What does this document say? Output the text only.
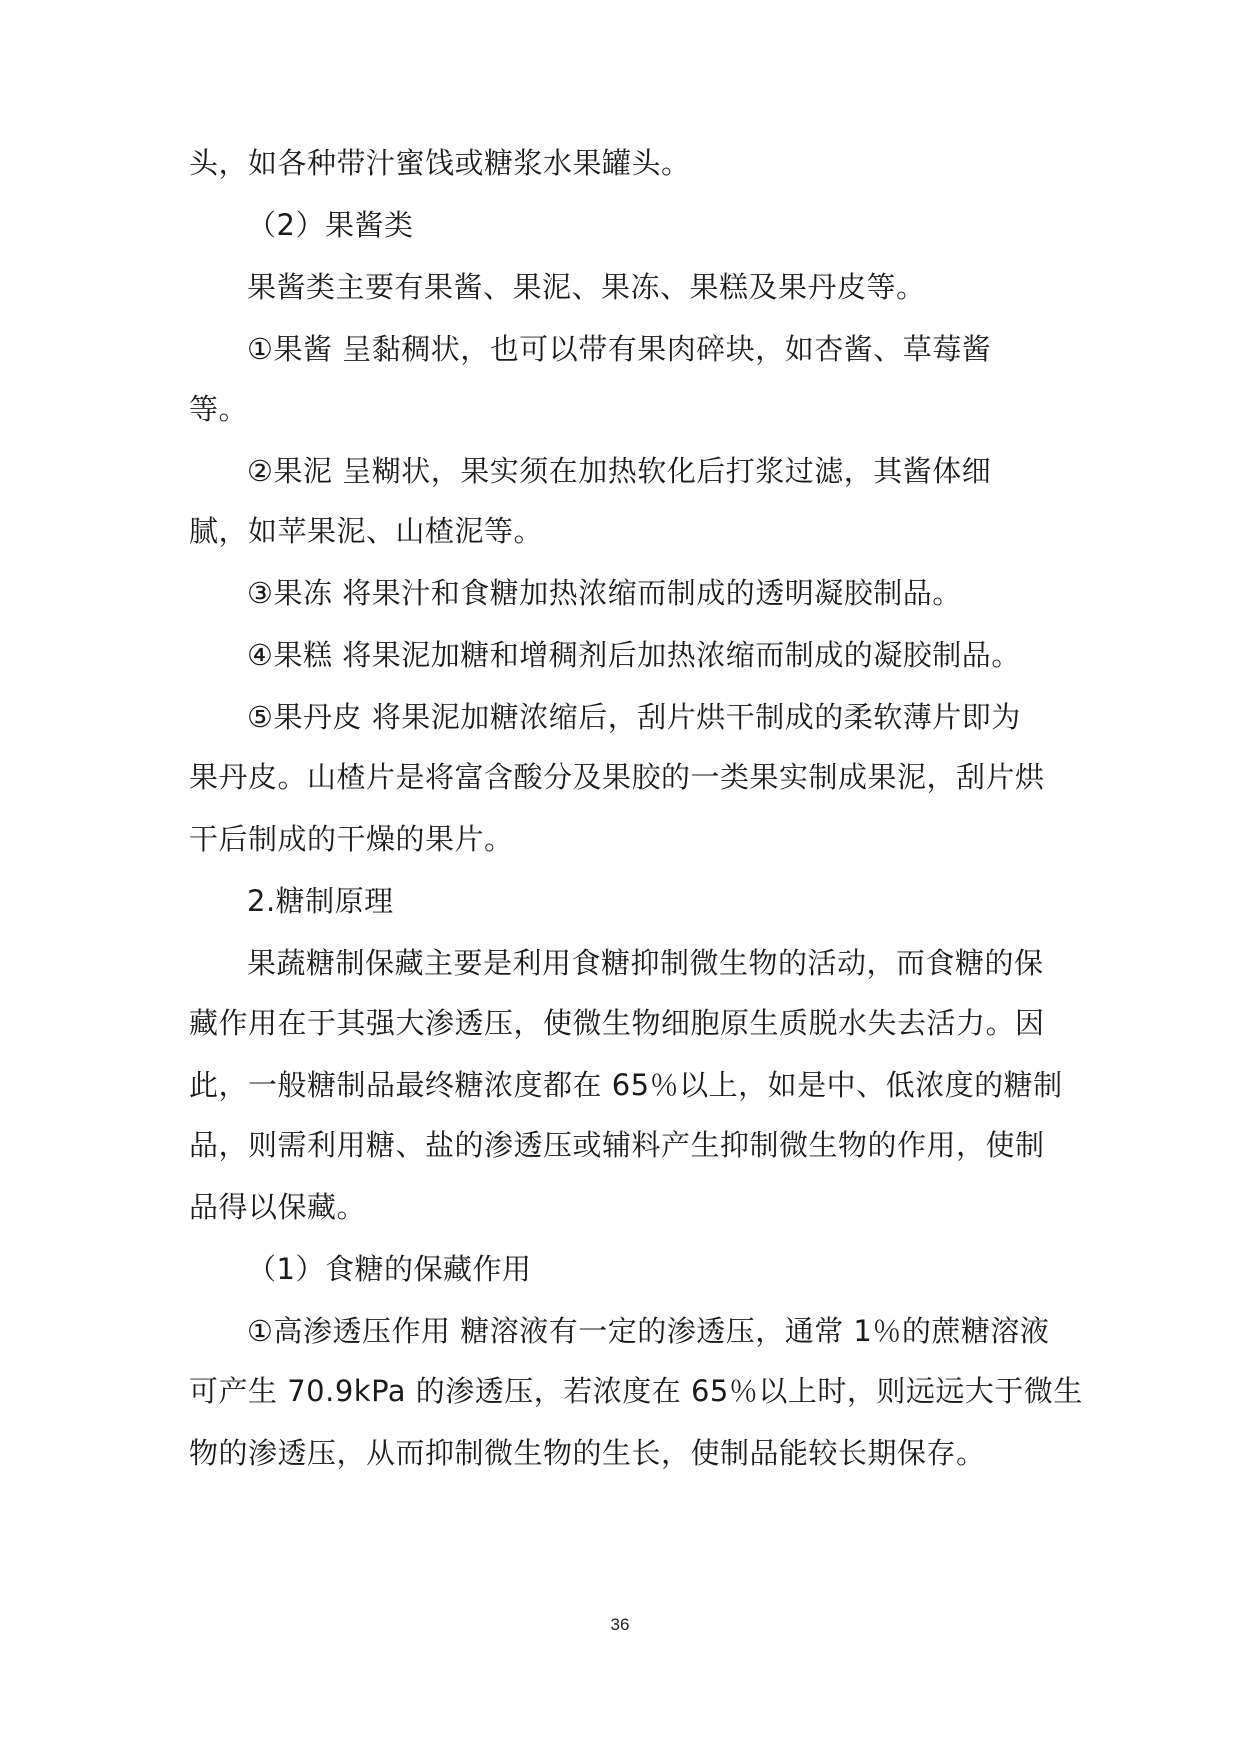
头，如各种带汁蜜饯或糖浆水果罐头。
（2）果酱类
果酱类主要有果酱、果泥、果冻、果糕及果丹皮等。
①果酱 呈黏稠状，也可以带有果肉碎块，如杏酱、草莓酱
等。
②果泥 呈糊状，果实须在加热软化后打浆过滤，其酱体细
腻，如苹果泥、山楂泥等。
③果冻 将果汁和食糖加热浓缩而制成的透明凝胶制品。
④果糕 将果泥加糖和增稠剂后加热浓缩而制成的凝胶制品。
⑤果丹皮 将果泥加糖浓缩后，刮片烘干制成的柔软薄片即为
果丹皮。山楂片是将富含酸分及果胶的一类果实制成果泥，刮片烘
干后制成的干燥的果片。
2.糖制原理
果蔬糖制保藏主要是利用食糖抑制微生物的活动，而食糖的保
藏作用在于其强大渗透压，使微生物细胞原生质脱水失去活力。因
此，一般糖制品最终糖浓度都在 65％以上，如是中、低浓度的糖制
品，则需利用糖、盐的渗透压或辅料产生抑制微生物的作用，使制
品得以保藏。
（1）食糖的保藏作用
①高渗透压作用 糖溶液有一定的渗透压，通常 1％的蔗糖溶液
可产生 70.9kPa 的渗透压，若浓度在 65％以上时，则远远大于微生
物的渗透压，从而抑制微生物的生长，使制品能较长期保存。
36
